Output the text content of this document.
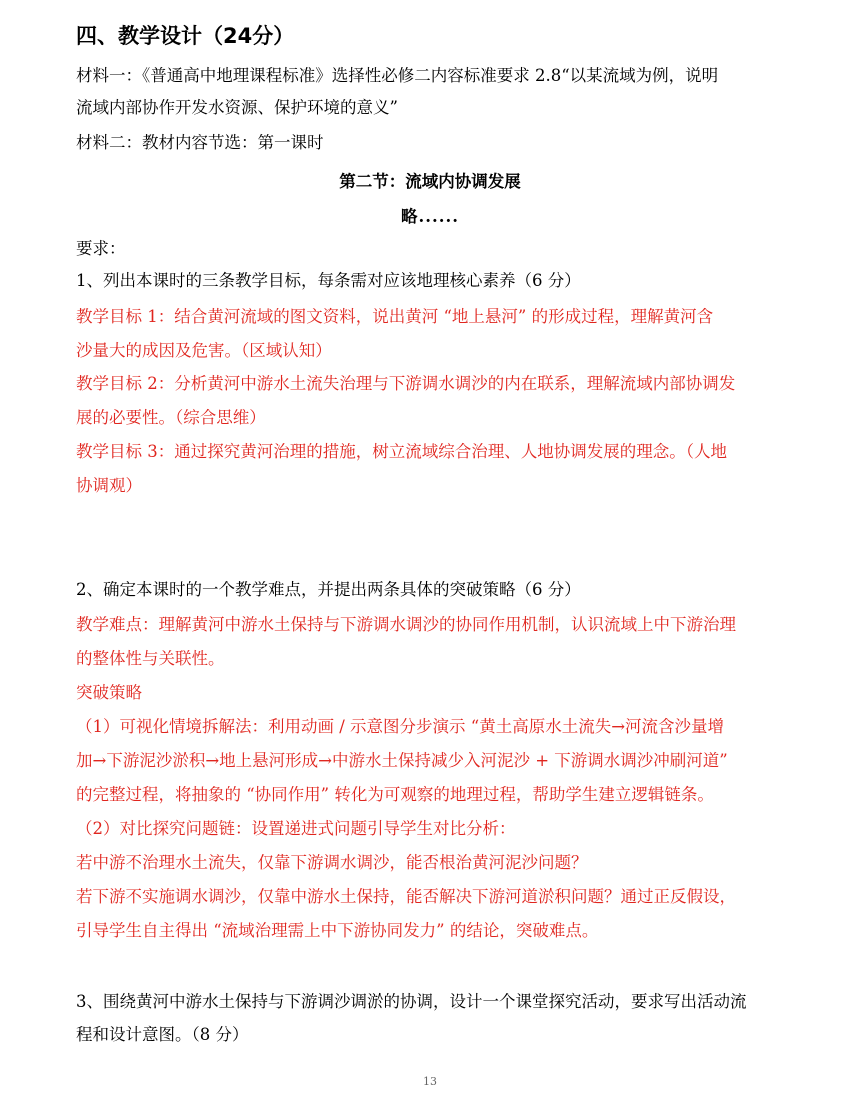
四、教学设计（24分）
材料一：《普通高中地理课程标准》选择性必修二内容标准要求 2.8“以某流域为例，说明
流域内部协作开发水资源、保护环境的意义”
材料二：教材内容节选：第一课时
第二节：流域内协调发展
略......
要求：
1、列出本课时的三条教学目标，每条需对应该地理核心素养（6 分）
教学目标 1：结合黄河流域的图文资料，说出黄河 “地上悬河” 的形成过程，理解黄河含
沙量大的成因及危害。（区域认知）
教学目标 2：分析黄河中游水土流失治理与下游调水调沙的内在联系，理解流域内部协调发
展的必要性。（综合思维）
教学目标 3：通过探究黄河治理的措施，树立流域综合治理、人地协调发展的理念。（人地
协调观）
2、确定本课时的一个教学难点，并提出两条具体的突破策略（6 分）
教学难点：理解黄河中游水土保持与下游调水调沙的协同作用机制，认识流域上中下游治理
的整体性与关联性。
突破策略
（1）可视化情境拆解法：利用动画 / 示意图分步演示 “黄土高原水土流失→河流含沙量增
加→下游泥沙淤积→地上悬河形成→中游水土保持减少入河泥沙 + 下游调水调沙冲刷河道”
的完整过程，将抽象的 “协同作用” 转化为可观察的地理过程，帮助学生建立逻辑链条。
（2）对比探究问题链：设置递进式问题引导学生对比分析：
若中游不治理水土流失，仅靠下游调水调沙，能否根治黄河泥沙问题？
若下游不实施调水调沙，仅靠中游水土保持，能否解决下游河道淤积问题？通过正反假设，
引导学生自主得出 “流域治理需上中下游协同发力” 的结论，突破难点。
3、围绕黄河中游水土保持与下游调沙调淤的协调，设计一个课堂探究活动，要求写出活动流
程和设计意图。（8 分）
13
